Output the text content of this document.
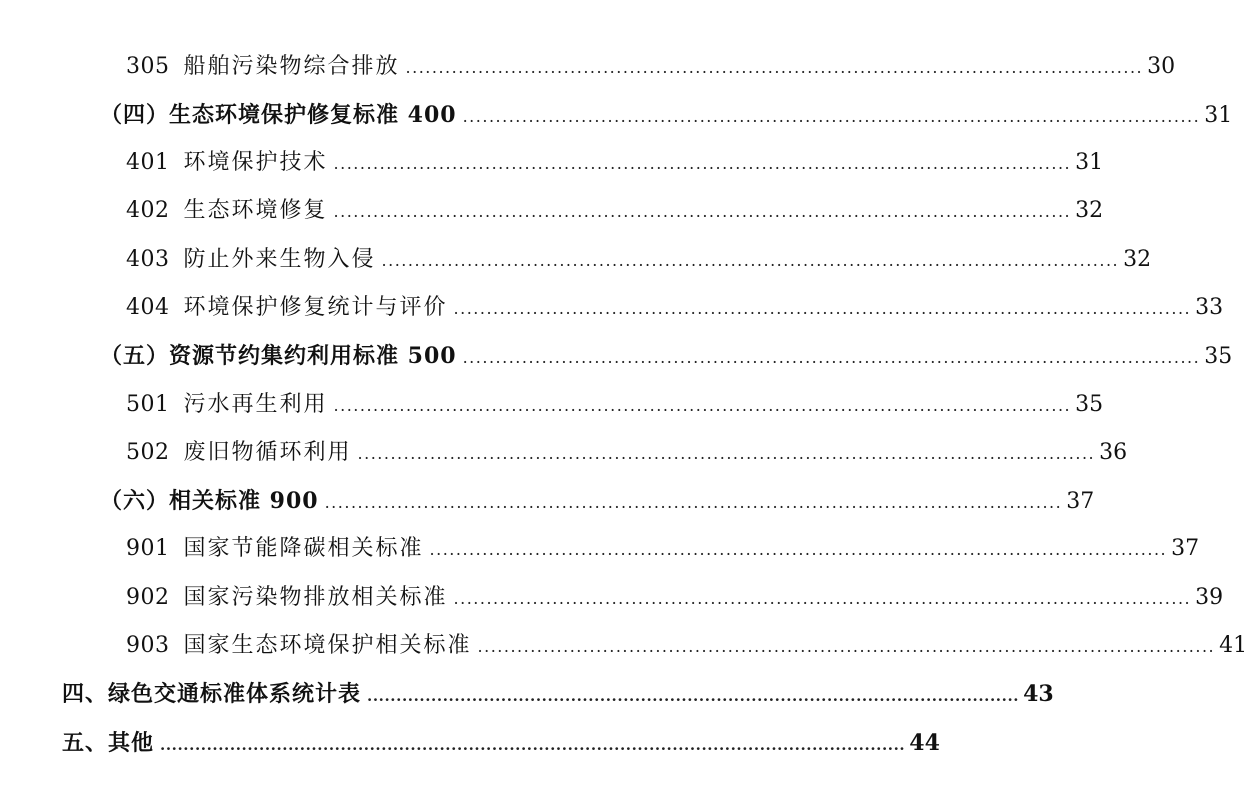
305 船舶污染物综合排放 ................................................................................................................ 30
（四）生态环境保护修复标准 400 ................................................................................................................ 31
401 环境保护技术 ................................................................................................................ 31
402 生态环境修复 ................................................................................................................ 32
403 防止外来生物入侵 ................................................................................................................ 32
404 环境保护修复统计与评价 ................................................................................................................ 33
（五）资源节约集约利用标准 500 ................................................................................................................ 35
501 污水再生利用 ................................................................................................................ 35
502 废旧物循环利用 ................................................................................................................ 36
（六）相关标准 900 ................................................................................................................ 37
901 国家节能降碳相关标准 ................................................................................................................ 37
902 国家污染物排放相关标准 ................................................................................................................ 39
903 国家生态环境保护相关标准 ................................................................................................................ 41
四、绿色交通标准体系统计表 ................................................................................................................ 43
五、其他 ................................................................................................................................ 44
